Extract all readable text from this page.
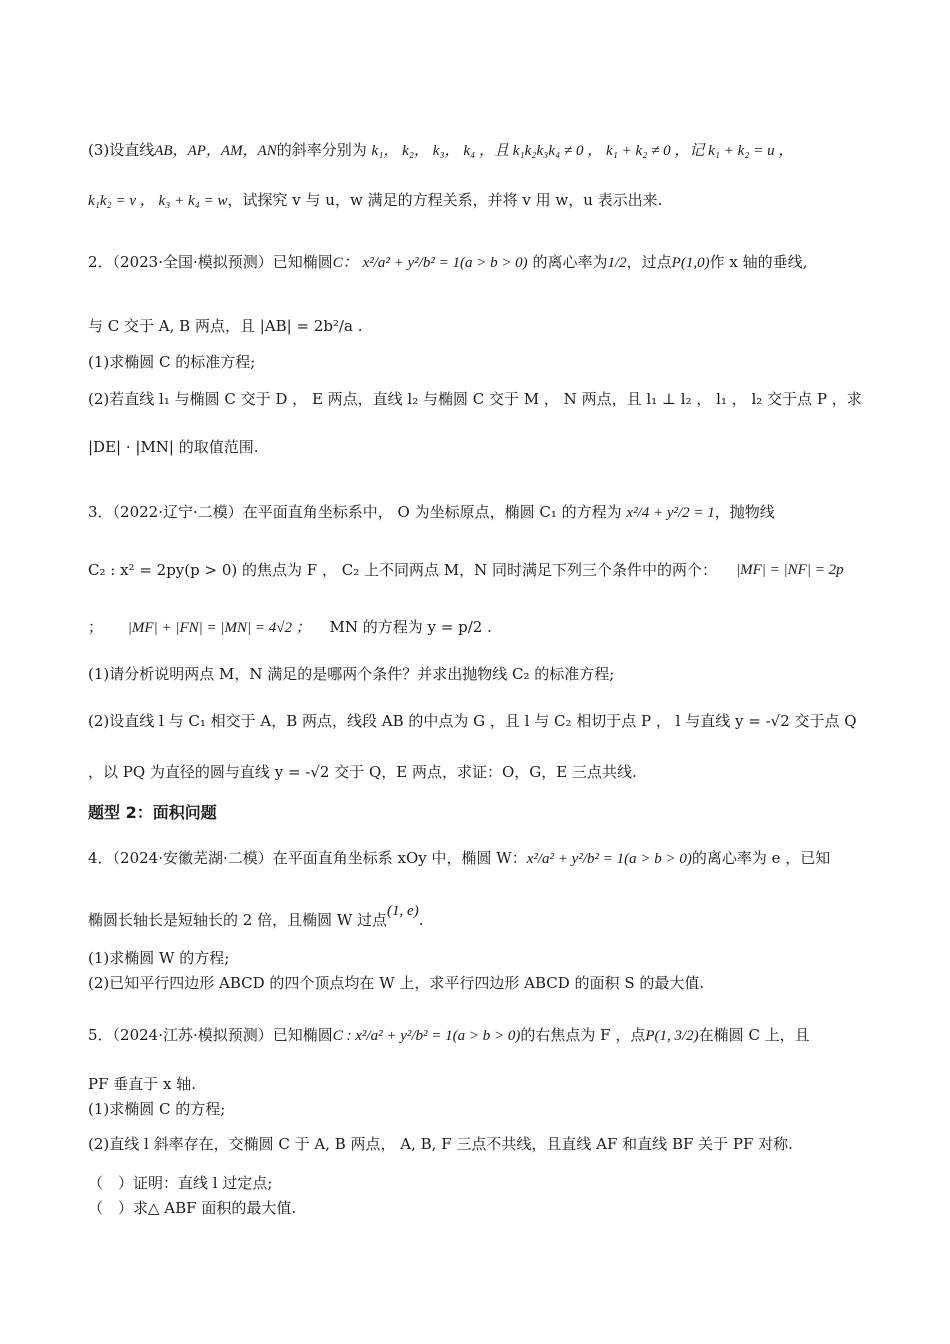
(3)设直线AB，AP，AM，AN的斜率分别为 k₁， k₂， k₃， k₄ ，且 k₁k₂k₃k₄ ≠ 0 ， k₁ + k₂ ≠ 0 ，记 k₁ + k₂ = u ，
k₁k₂ = v ， k₃ + k₄ = w，试探究 v 与 u，w 满足的方程关系，并将 v 用 w，u 表示出来.
2．（2023·全国·模拟预测）已知椭圆C： x²/a² + y²/b² = 1(a > b > 0) 的离心率为1/2，过点P(1,0)作 x 轴的垂线,
与 C 交于 A, B 两点，且 |AB| = 2b²/a .
(1)求椭圆 C 的标准方程;
(2)若直线 l₁ 与椭圆 C 交于 D ， E 两点，直线 l₂ 与椭圆 C 交于 M ， N 两点，且 l₁ ⊥ l₂ ， l₁ ， l₂ 交于点 P ，求
|DE| · |MN| 的取值范围.
3．（2022·辽宁·二模）在平面直角坐标系中， O 为坐标原点，椭圆 C₁ 的方程为 x²/4 + y²/2 = 1，抛物线
C₂ : x² = 2py(p > 0) 的焦点为 F ， C₂ 上不同两点 M，N 同时满足下列三个条件中的两个： |MF| = |NF| = 2p
； |MF| + |FN| = |MN| = 4√2 ； MN 的方程为 y = p/2 .
(1)请分析说明两点 M，N 满足的是哪两个条件？并求出抛物线 C₂ 的标准方程;
(2)设直线 l 与 C₁ 相交于 A，B 两点，线段 AB 的中点为 G ，且 l 与 C₂ 相切于点 P ， l 与直线 y = -√2 交于点 Q
，以 PQ 为直径的圆与直线 y = -√2 交于 Q，E 两点，求证：O，G，E 三点共线.
题型 2：面积问题
4．（2024·安徽芜湖·二模）在平面直角坐标系 xOy 中，椭圆 W：x²/a² + y²/b² = 1(a > b > 0)的离心率为 e ，已知
椭圆长轴长是短轴长的 2 倍，且椭圆 W 过点(1, e).
(1)求椭圆 W 的方程;
(2)已知平行四边形 ABCD 的四个顶点均在 W 上，求平行四边形 ABCD 的面积 S 的最大值.
5．（2024·江苏·模拟预测）已知椭圆C : x²/a² + y²/b² = 1(a > b > 0)的右焦点为 F ，点P(1, 3/2)在椭圆 C 上，且
PF 垂直于 x 轴.
(1)求椭圆 C 的方程;
(2)直线 l 斜率存在，交椭圆 C 于 A, B 两点， A, B, F 三点不共线，且直线 AF 和直线 BF 关于 PF 对称.
（　）证明：直线 l 过定点;
（　）求△ ABF 面积的最大值.
